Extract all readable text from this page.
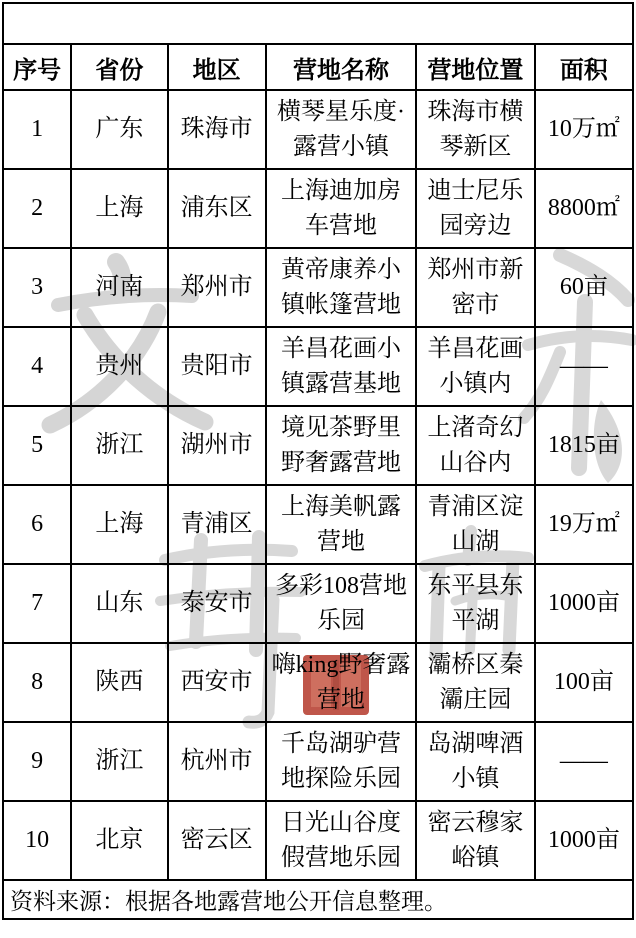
国内〝营地+乐园〞模式10大典型案例					
序号	省份	地区	营地名称	营地位置	面积
1	广东	珠海市	横琴星乐度·露营小镇	珠海市横琴新区	10万㎡
2	上海	浦东区	上海迪加房车营地	迪士尼乐园旁边	8800㎡
3	河南	郑州市	黄帝康养小镇帐篷营地	郑州市新密市	60亩
4	贵州	贵阳市	羊昌花画小镇露营基地	羊昌花画小镇内	——
5	浙江	湖州市	境见茶野里野奢露营地	上渚奇幻山谷内	1815亩
6	上海	青浦区	上海美帆露营地	青浦区淀山湖	19万㎡
7	山东	泰安市	多彩108营地乐园	东平县东平湖	1000亩
8	陕西	西安市	嗨king野奢露营地	灞桥区秦灞庄园	100亩
9	浙江	杭州市	千岛湖驴营地探险乐园	岛湖啤酒小镇	——
10	北京	密云区	日光山谷度假营地乐园	密云穆家峪镇	1000亩
资料来源：根据各地露营地公开信息整理。					
